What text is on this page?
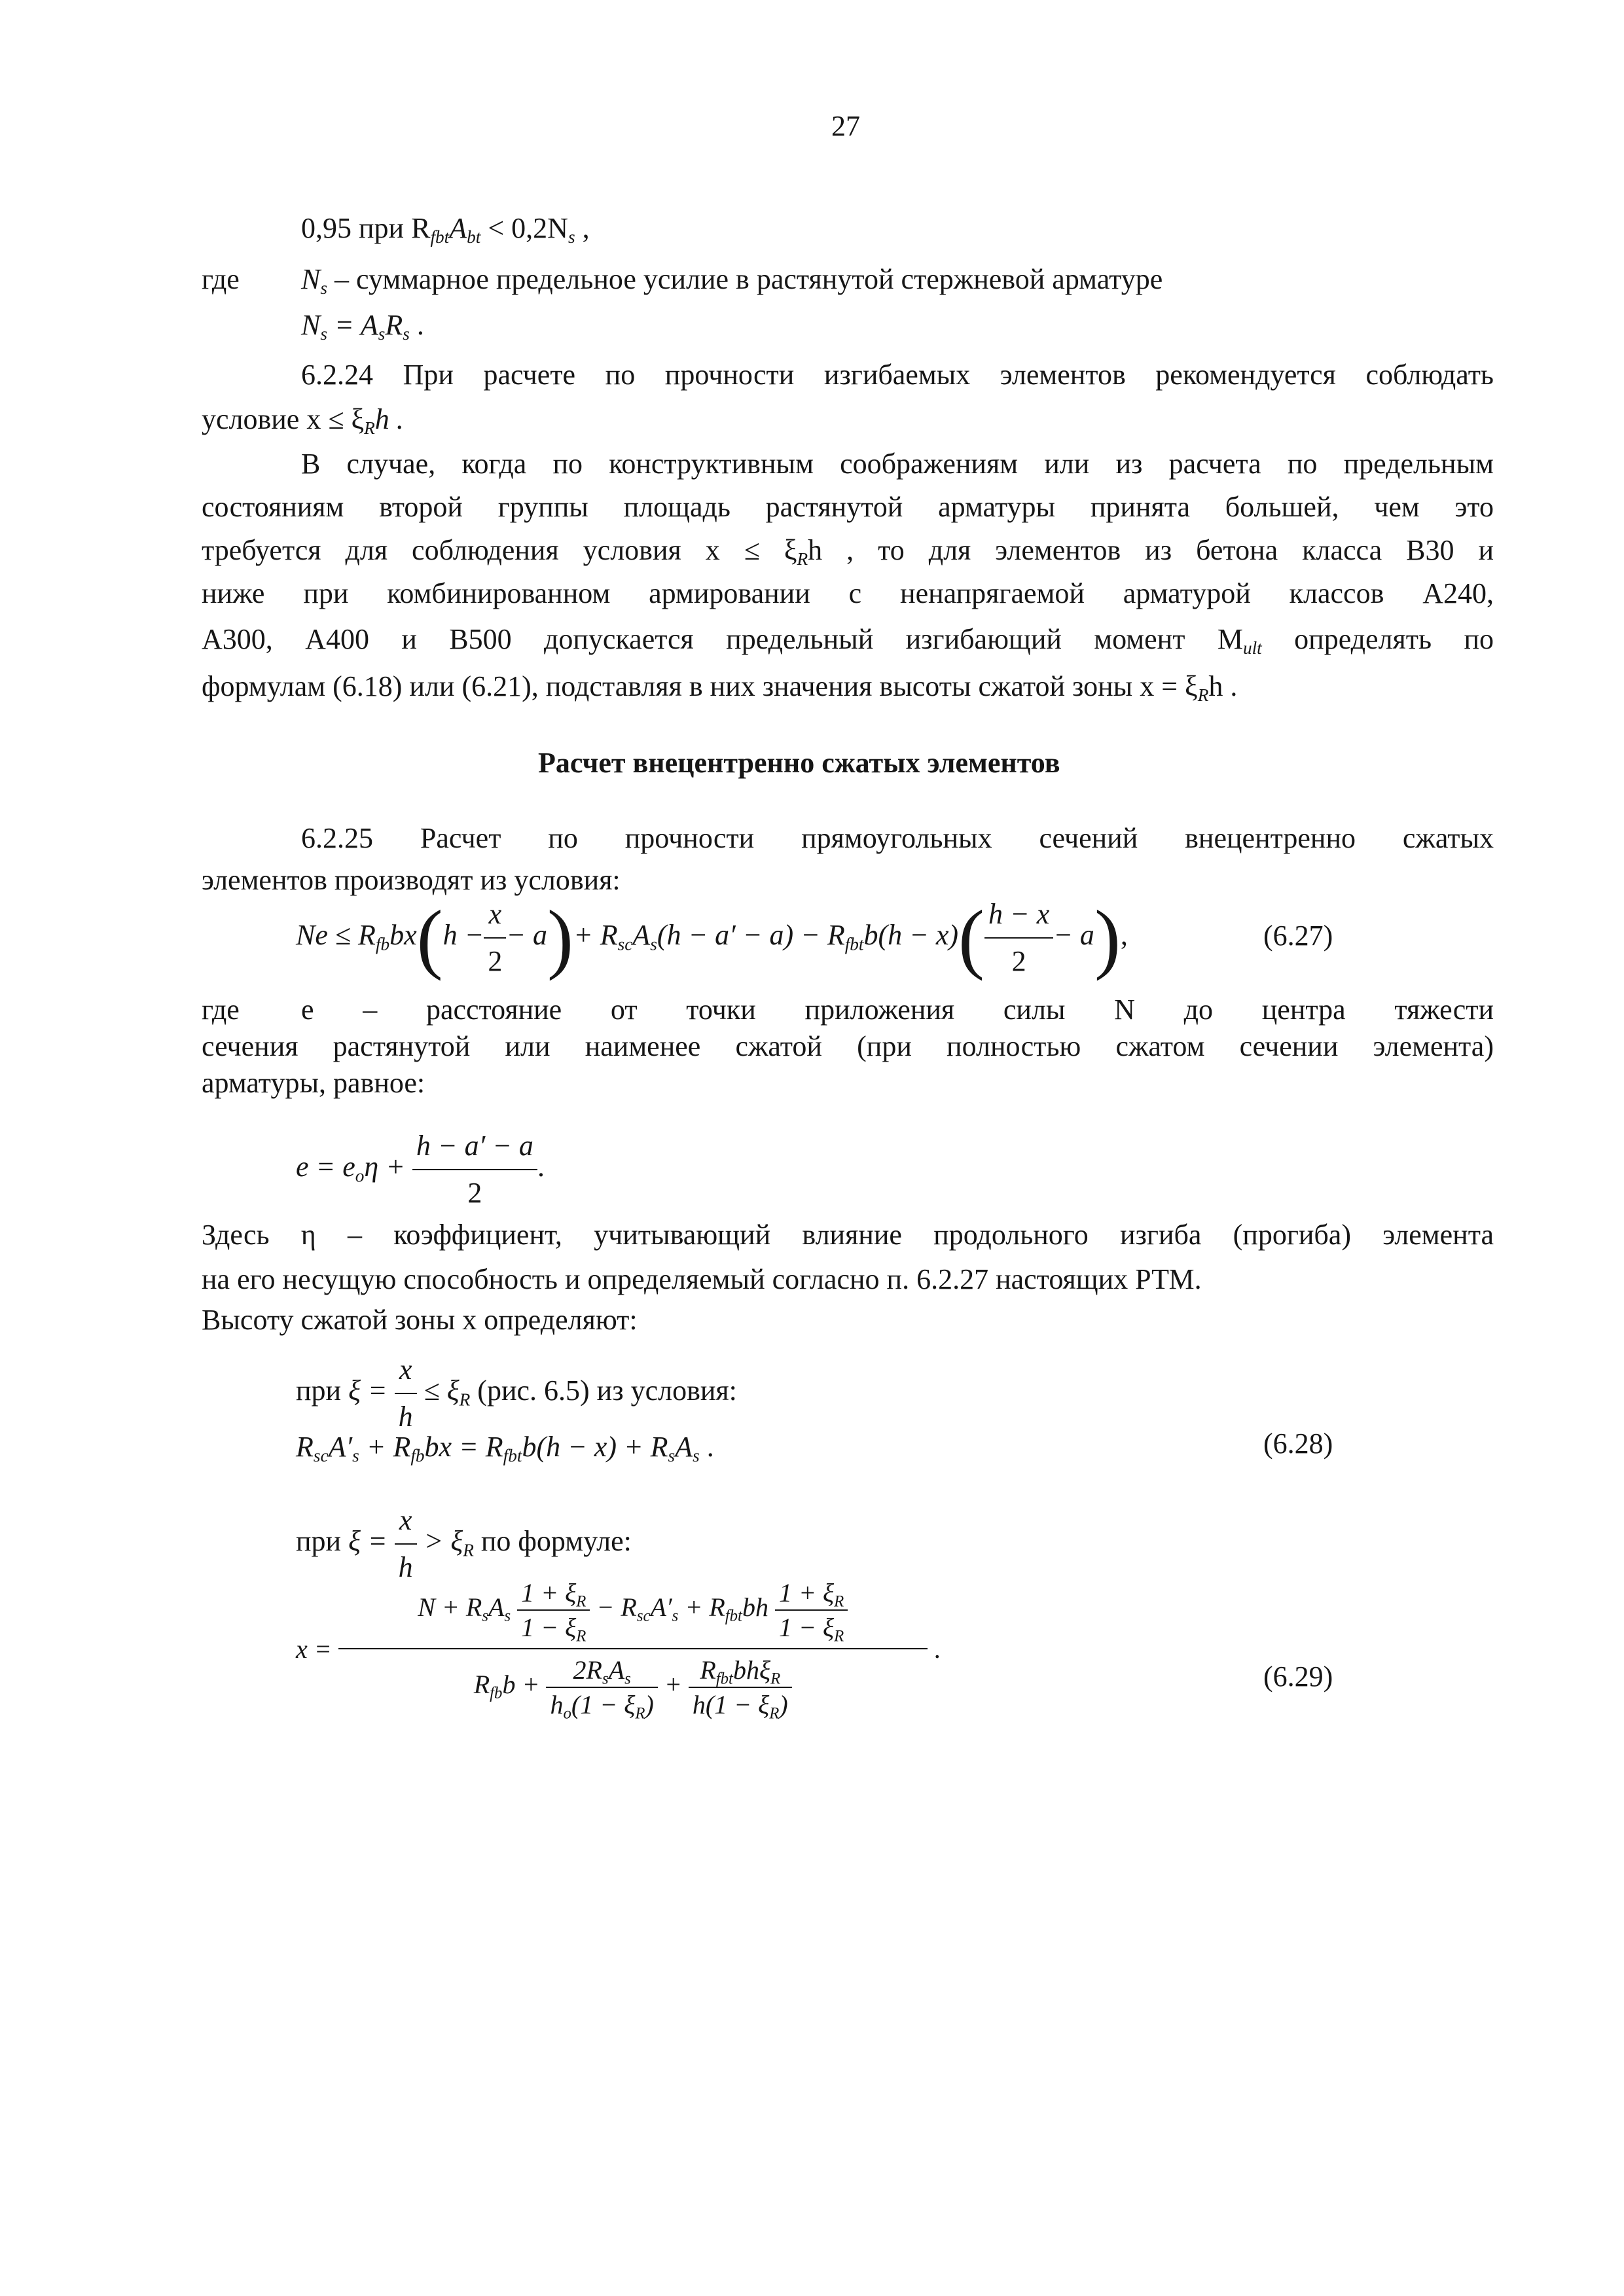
27
0,95 при $R_{fbt}A_{bt} < 0,2N_s$ ,
где $N_s$ – суммарное предельное усилие в растянутой стержневой арматуре
$N_s = A_sR_s$ .
6.2.24 При расчете по прочности изгибаемых элементов рекомендуется соблюдать
условие $x \le \xi_Rh$ .
В случае, когда по конструктивным соображениям или из расчета по предельным
состояниям второй группы площадь растянутой арматуры принята большей, чем это
требуется для соблюдения условия $x \le \xi_Rh$ , то для элементов из бетона класса В30 и
ниже при комбинированном армировании с ненапрягаемой арматурой классов А240,
А300, А400 и В500 допускается предельный изгибающий момент $M_{ult}$ определять по
формулам (6.18) или (6.21), подставляя в них значения высоты сжатой зоны $x = \xi_Rh$ .
Расчет внецентренно сжатых элементов
6.2.25 Расчет по прочности прямоугольных сечений внецентренно сжатых
элементов производят из условия:
$Ne \le R_{fb}bx(h - \frac{x}{2} - a)+ R_{sc}A_s(h - a' - a) - R_{fbt}b(h - x)( \frac{h - x}{2} - a)$,	(6.27)
где e – расстояние от точки приложения силы N до центра тяжести
сечения растянутой или наименее сжатой (при полностью сжатом сечении элемента)
арматуры, равное:
$e = e_o\eta + \frac{h - a' - a}{2}$ .
Здесь η – коэффициент, учитывающий влияние продольного изгиба (прогиба) элемента
на его несущую способность и определяемый согласно п. 6.2.27 настоящих РТМ.
Высоту сжатой зоны x определяют:
при $\xi = \frac{x}{h} \le \xi_R$ (рис. 6.5) из условия:
$R_{sc}A'_s + R_{fb}bx = R_{fbt}b(h - x) + R_sA_s$ .	(6.28)
при $\xi = \frac{x}{h} > \xi_R$ по формуле:
x =
$N + R_sA_s \frac{1 + \xi_R}{1 - \xi_R} - R_{sc}A'_s + R_{fbt}bh \frac{1 + \xi_R}{1 - \xi_R}$
$R_{fb}b + \frac{2R_sA_s}{h_o(1 - \xi_R)} + \frac{R_{fbt}bh\xi_R}{h(1 - \xi_R)}$
.
(6.29)
